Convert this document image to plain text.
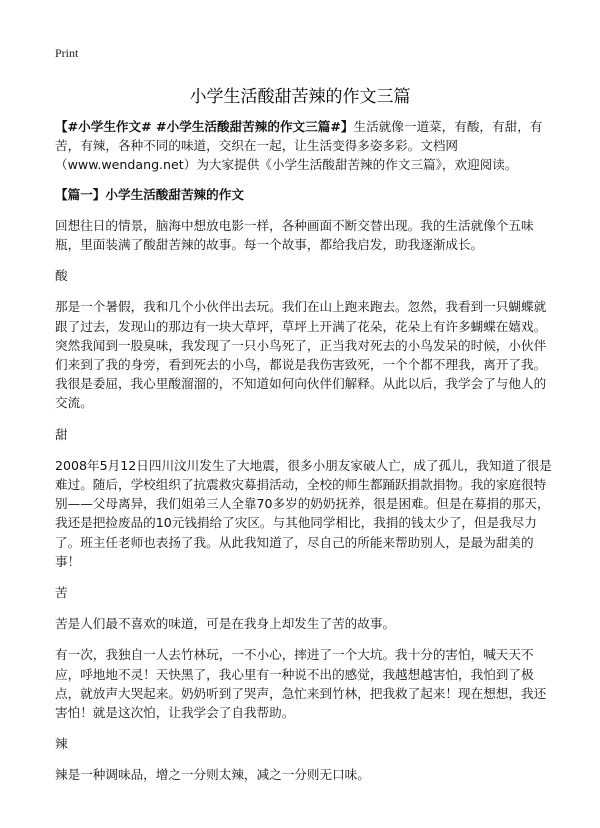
Print
小学生活酸甜苦辣的作文三篇

【#小学生作文# #小学生活酸甜苦辣的作文三篇#】生活就像一道菜，有酸，有甜，有苦，有辣，各种不同的味道，交织在一起，让生活变得多姿多彩。文档网（www.wendang.net）为大家提供《小学生活酸甜苦辣的作文三篇》，欢迎阅读。

【篇一】小学生活酸甜苦辣的作文

回想往日的情景，脑海中想放电影一样，各种画面不断交替出现。我的生活就像个五味瓶，里面装满了酸甜苦辣的故事。每一个故事，都给我启发，助我逐渐成长。

酸

那是一个暑假，我和几个小伙伴出去玩。我们在山上跑来跑去。忽然，我看到一只蝴蝶就跟了过去，发现山的那边有一块大草坪，草坪上开满了花朵，花朵上有许多蝴蝶在嬉戏。突然我闻到一股臭味，我发现了一只小鸟死了，正当我对死去的小鸟发呆的时候，小伙伴们来到了我的身旁，看到死去的小鸟，都说是我伤害致死，一个个都不理我，离开了我。我很是委屈，我心里酸溜溜的，不知道如何向伙伴们解释。从此以后，我学会了与他人的交流。

甜

2008年5月12日四川汶川发生了大地震，很多小朋友家破人亡，成了孤儿，我知道了很是难过。随后，学校组织了抗震救灾募捐活动，全校的师生都踊跃捐款捐物。我的家庭很特别——父母离异，我们姐弟三人全靠70多岁的奶奶抚养，很是困难。但是在募捐的那天，我还是把捡废品的10元钱捐给了灾区。与其他同学相比，我捐的钱太少了，但是我尽力了。班主任老师也表扬了我。从此我知道了，尽自己的所能来帮助别人，是最为甜美的事！

苦

苦是人们最不喜欢的味道，可是在我身上却发生了苦的故事。

有一次，我独自一人去竹林玩，一不小心，摔进了一个大坑。我十分的害怕，喊天天不应，呼地地不灵！天快黑了，我心里有一种说不出的感觉，我越想越害怕，我怕到了极点，就放声大哭起来。奶奶听到了哭声，急忙来到竹林，把我救了起来！现在想想，我还害怕！就是这次怕，让我学会了自我帮助。

辣

辣是一种调味品，增之一分则太辣，减之一分则无口味。
